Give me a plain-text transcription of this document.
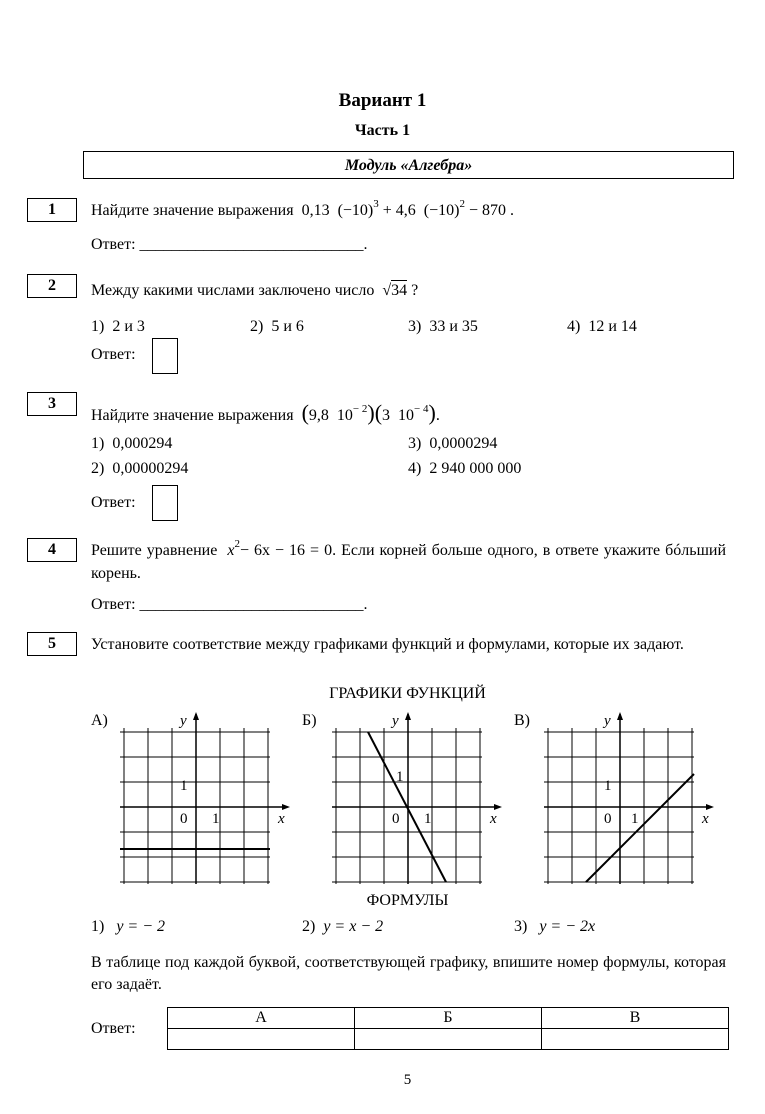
Вариант 1
Часть 1
Модуль «Алгебра»
1	Найдите значение выражения 0,13 $(-10)^3 + 4,6$ $(-10)^2 - 870$ .
Ответ: ____________________________.
2	Между какими числами заключено число √34 ?
1) 2 и 3	2) 5 и 6	3) 33 и 35	4) 12 и 14
Ответ:
3
Найдите значение выражения (9,8 $10^{- 2})(3$ $10^{- 4}$).
1) 0,000294	3) 0,0000294
2) 0,00000294	4) 2 940 000 000
Ответ:
4	Решите уравнение $x^2- 6x - 16 = 0$. Если корней больше одного, в ответе укажите бóльший корень.
Ответ: ____________________________.
5	Установите соответствие между графиками функций и формулами, которые их задают.
ГРАФИКИ ФУНКЦИЙ
А)	Б)	В)
y
x
0 1
1
y
x
0 1
1
y
x
0 1
1
ФОРМУЛЫ
1) y = − 2	2) y = x − 2	3) y = − 2x
В таблице под каждой буквой, соответствующей графику, впишите номер формулы, которая его задаёт.
Ответ:
А	Б	В

5
